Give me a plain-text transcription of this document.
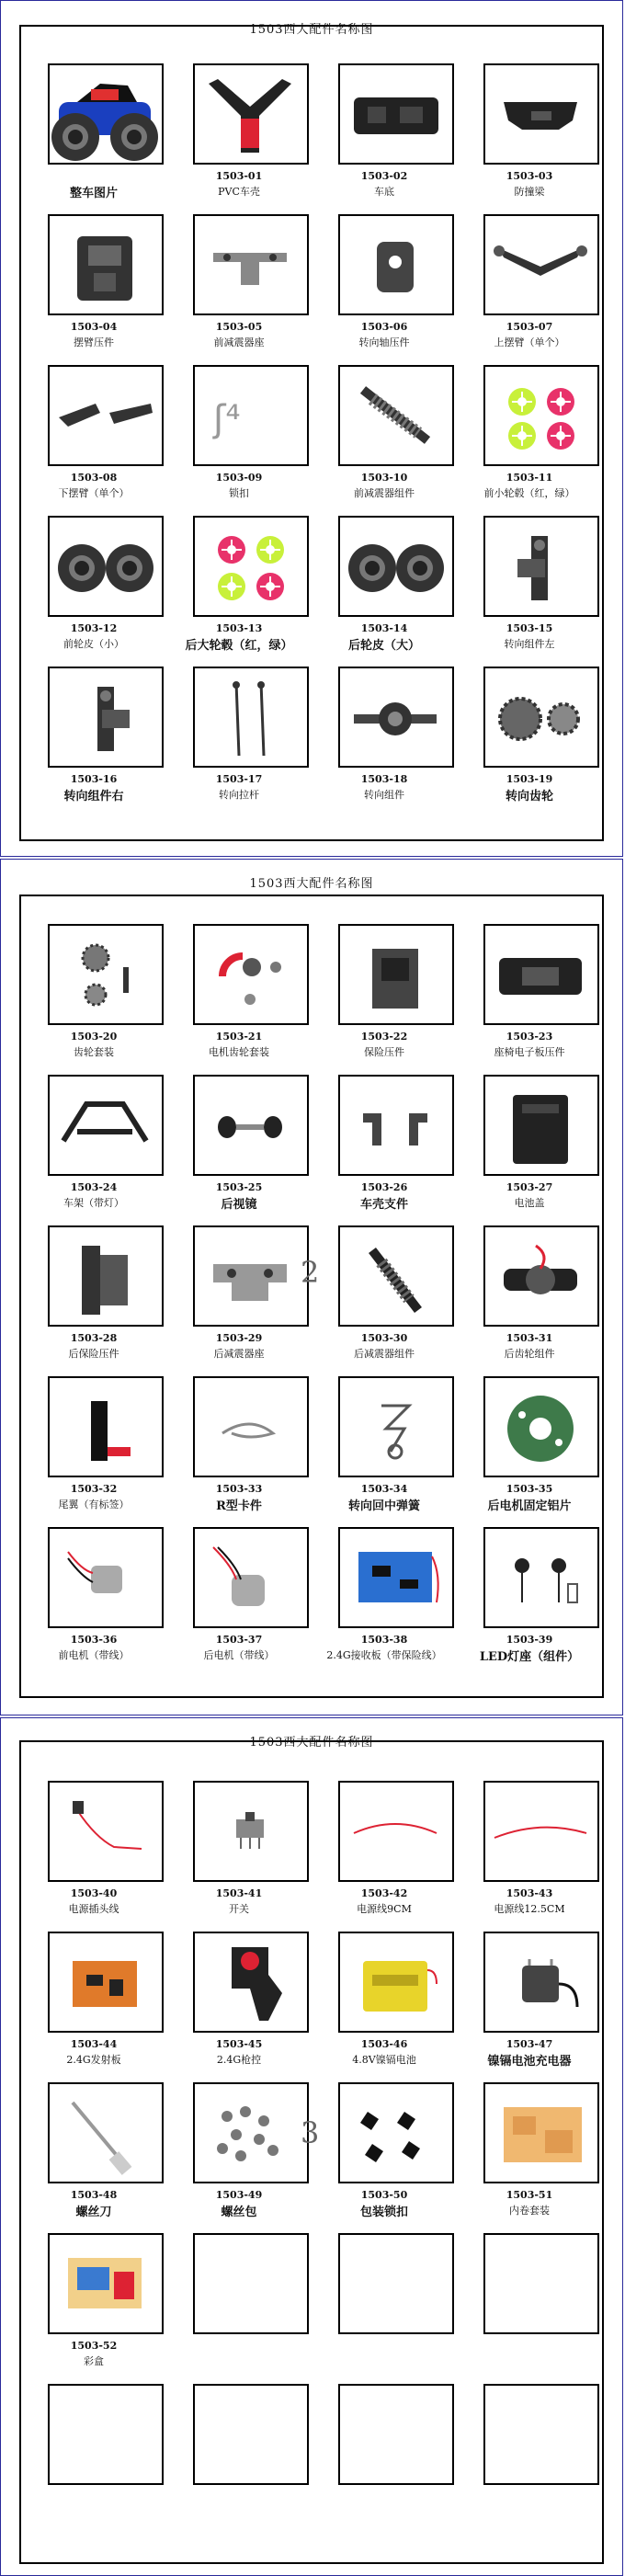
1503西大配件名称图
整车图片
1503-01
PVC车壳
1503-02
车底
1503-03
防撞梁
1503-04
摆臂压件
1503-05
前减震器座
1503-06
转向轴压件
1503-07
上摆臂（单个）
1503-08
下摆臂（单个）
ʃ⁴
1503-09
锁扣
1503-10
前减震器组件
1503-11
前小轮毂（红，绿）
1503-12
前轮皮（小）
1503-13
后大轮毂（红，绿）
1503-14
后轮皮（大）
1503-15
转向组件左
1503-16
转向组件右
1503-17
转向拉杆
1503-18
转向组件
1503-19
转向齿轮
1503西大配件名称图
1503-20
齿轮套装
1503-21
电机齿轮套装
1503-22
保险压件
1503-23
座椅电子板压件
1503-24
车架（带灯）
1503-25
后视镜
1503-26
车壳支件
1503-27
电池盖
1503-28
后保险压件
1503-29
后减震器座
1503-30
后减震器组件
1503-31
后齿轮组件
1503-32
尾翼（有标签）
1503-33
R型卡件
1503-34
转向回中弹簧
1503-35
后电机固定铝片
1503-36
前电机（带线）
1503-37
后电机（带线）
1503-38
2.4G接收板（带保险线）
1503-39
LED灯座（组件）
2
1503西大配件名称图
1503-40
电源插头线
1503-41
开关
1503-42
电源线9CM
1503-43
电源线12.5CM
1503-44
2.4G发射板
1503-45
2.4G枪控
1503-46
4.8V镍镉电池
1503-47
镍镉电池充电器
1503-48
螺丝刀
1503-49
螺丝包
1503-50
包装锁扣
1503-51
内卷套装
1503-52
彩盒
3
